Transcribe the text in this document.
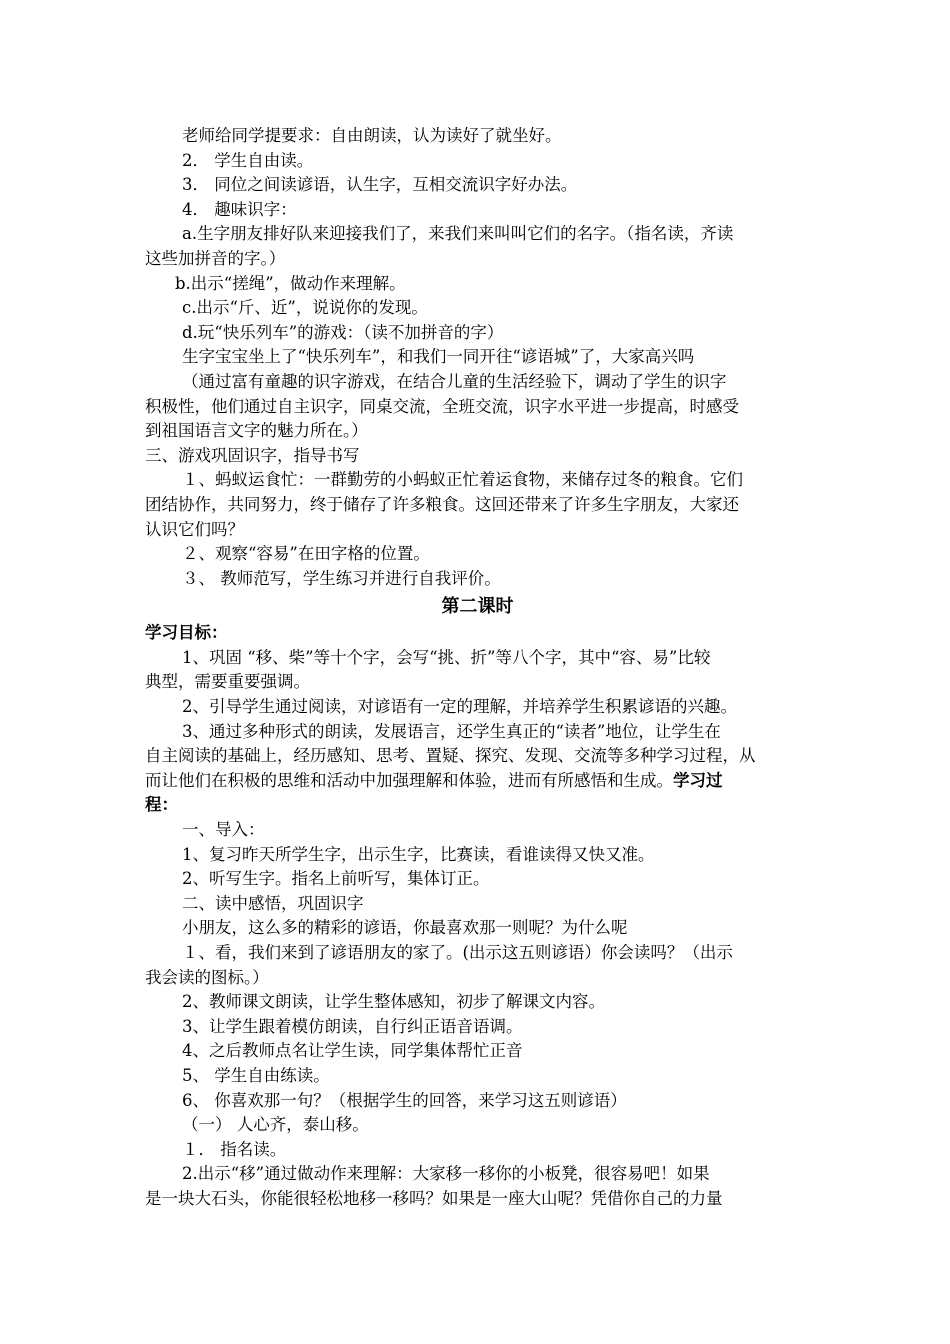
老师给同学提要求：自由朗读，认为读好了就坐好。
2． 学生自由读。
3． 同位之间读谚语，认生字，互相交流识字好办法。
4． 趣味识字：
a.生字朋友排好队来迎接我们了，来我们来叫叫它们的名字。（指名读，齐读
这些加拼音的字。）
b.出示“搓绳”，做动作来理解。
c.出示“斤、近”，说说你的发现。
d.玩“快乐列车”的游戏：（读不加拼音的字）
生字宝宝坐上了“快乐列车”，和我们一同开往“谚语城”了，大家高兴吗
（通过富有童趣的识字游戏，在结合儿童的生活经验下，调动了学生的识字
积极性，他们通过自主识字，同桌交流，全班交流，识字水平进一步提高，时感受
到祖国语言文字的魅力所在。）
三、游戏巩固识字，指导书写
１、蚂蚁运食忙：一群勤劳的小蚂蚁正忙着运食物，来储存过冬的粮食。它们
团结协作，共同努力，终于储存了许多粮食。这回还带来了许多生字朋友，大家还
认识它们吗？
２、观察“容易”在田字格的位置。
３、 教师范写，学生练习并进行自我评价。
第二课时
学习目标：
1、巩固 “移、柴”等十个字，会写“挑、折”等八个字，其中“容、易”比较
典型，需要重要强调。
2、引导学生通过阅读，对谚语有一定的理解，并培养学生积累谚语的兴趣。
3、通过多种形式的朗读，发展语言，还学生真正的“读者”地位，让学生在
自主阅读的基础上，经历感知、思考、置疑、探究、发现、交流等多种学习过程，从
而让他们在积极的思维和活动中加强理解和体验，进而有所感悟和生成。学习过
程：
一、导入：
1、复习昨天所学生字，出示生字，比赛读，看谁读得又快又准。
2、听写生字。指名上前听写，集体订正。
二、读中感悟，巩固识字
小朋友，这么多的精彩的谚语，你最喜欢那一则呢？为什么呢
１、看，我们来到了谚语朋友的家了。(出示这五则谚语）你会读吗？（出示
我会读的图标。）
2、教师课文朗读，让学生整体感知，初步了解课文内容。
3、让学生跟着模仿朗读，自行纠正语音语调。
4、之后教师点名让学生读，同学集体帮忙正音
5、 学生自由练读。
6、 你喜欢那一句？（根据学生的回答，来学习这五则谚语）
（一） 人心齐，泰山移。
１． 指名读。
2.出示“移”通过做动作来理解：大家移一移你的小板凳，很容易吧！如果
是一块大石头，你能很轻松地移一移吗？如果是一座大山呢？凭借你自己的力量
